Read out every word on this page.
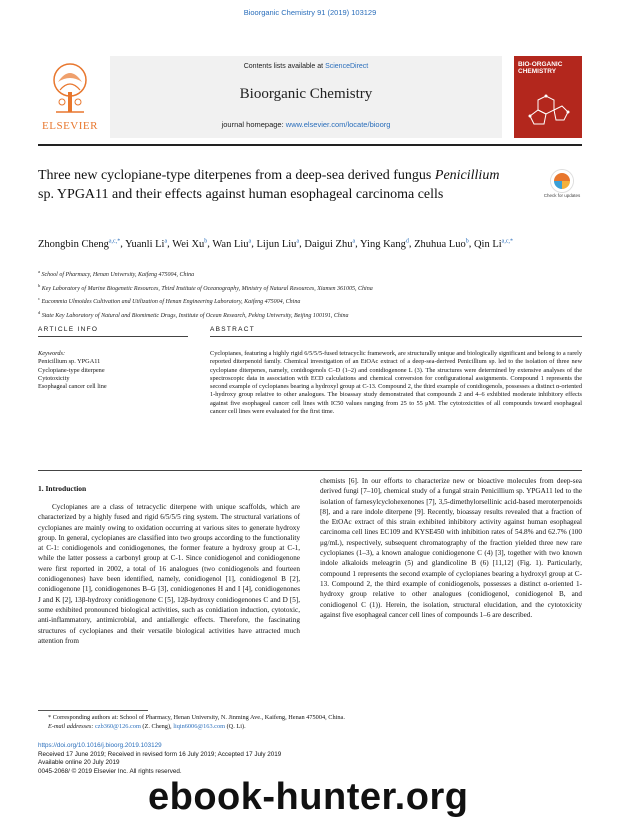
Bioorganic Chemistry 91 (2019) 103129
ELSEVIER
Contents lists available at ScienceDirect
Bioorganic Chemistry
journal homepage: www.elsevier.com/locate/bioorg
BIO-ORGANIC CHEMISTRY
Three new cyclopiane-type diterpenes from a deep-sea derived fungus Penicillium sp. YPGA11 and their effects against human esophageal carcinoma cells	Check for updates
Zhongbin Cheng$^{a,c,*}$, Yuanli Li$^a$, Wei Xu$^b$, Wan Liu$^a$, Lijun Liu$^a$, Daigui Zhu$^a$, Ying Kang$^d$, Zhuhua Luo$^b$, Qin $Li^{a,c,*}$
$^a$ School of Pharmacy, Henan University, Kaifeng 475004, China
$^b$ Key Laboratory of Marine Biogenetic Resources, Third Institute of Oceanography, Ministry of Natural Resources, Xiamen 361005, China
$^c$ Eucommia Ulmoides Cultivation and Utilization of Henan Engineering Laboratory, Kaifeng 475004, China
$^d$ State Key Laboratory of Natural and Biomimetic Drugs, Institute of Ocean Research, Peking University, Beijing 100191, China
ARTICLE INFO	ABSTRACT
Keywords:
Penicillium sp. YPGA11
Cyclopiane-type diterpene
Cytotoxicity
Esophageal cancer cell line
Cyclopianes, featuring a highly rigid 6/5/5/5-fused tetracyclic framework, are structurally unique and biologically significant and belong to a rarely reported diterpenoid family. Chemical investigation of an EtOAc extract of a deep-sea-derived Penicillium sp. led to the isolation of three new cyclopiane diterpenes, namely, conidiogenols C–D (1–2) and conidiogenone L (3). The structures were determined by extensive analyses of the spectroscopic data in association with ECD calculations and chemical conversion for configurational assignments. Compound 1 represents the second example of cyclopianes bearing a hydroxyl group at C-13. Compound 2, the third example of conidiogenols, possesses a distinct α-oriented 1-hydroxy group relative to other analogues. The bioassay study demonstrated that compounds 2 and 4–6 exhibited moderate inhibitory effects against five esophageal cancer cell lines with IC50 values ranging from 25 to 55 μM. The cytotoxicities of all compounds toward esophageal cancer cell lines were evaluated for the first time.
1. Introduction
Cyclopianes are a class of tetracyclic diterpene with unique scaffolds, which are characterized by a highly fused and rigid 6/5/5/5 ring system. The structural variations of cyclopianes are mainly owing to oxidation occurring at various sites to generate hydroxy group. In general, cyclopianes are classified into two groups according to the functionality at C-1: conidiogenols and conidiogenones, the former feature a hydroxy group at C-1, while the latter possess a carbonyl group at C-1. Since conidiogenol and conidiogenone were first reported in 2002, a total of 16 analogues (two conidiogenols and fourteen conidiogenones) have been identified, namely, conidiogenol [1], conidiogenol B [2], conidiogenone [1], conidiogenones B–G [3], conidiogenones H and I [4], conidiogenones J and K [2], 13β-hydroxy conidiogenone C [5], 12β-hydroxy conidiogenones C and D [5], some exhibited pronounced biological activities, such as conidiation induction, cytotoxic, anti-inflammatory, antimicrobial, and antiallergic effects. Therefore, the fascinating structures of cyclopianes and their versatile biological activities have attracted much attention from
chemists [6]. In our efforts to characterize new or bioactive molecules from deep-sea derived fungi [7–10], chemical study of a fungal strain Penicillium sp. YPGA11 led to the isolation of farnesylcyclohexenones [7], 3,5-dimethylorsellinic acid-based meroterpenoids [8], and a rare indole diterpene [9]. Recently, bioassay results revealed that a fraction of the EtOAc extract of this strain exhibited inhibitory activity against human esophageal carcinoma cell lines EC109 and KYSE450 with inhibition rates of 54.8% and 62.7% (100 μg/mL), respectively, subsequent chromatography of the fraction yielded three new rare cyclopianes (1–3), a known analogue conidiogenone C (4) [3], together with two known indole alkaloids meleagrin (5) and glandicoline B (6) [11,12] (Fig. 1). Particularly, compound 1 represents the second example of cyclopianes bearing a hydroxyl group at C-13. Compound 2, the third example of conidiogenols, possesses a distinct α-oriented 1-hydroxy group relative to other analogues (conidiogenol, conidiogenol B, and conidiogenol C (1)). Herein, the isolation, structural elucidation, and the cytotoxicity against five esophageal cancer cell lines of compounds 1–6 are described.
* Corresponding authors at: School of Pharmacy, Henan University, N. Jinming Ave., Kaifeng, Henan 475004, China.
E-mail addresses: czb360@126.com (Z. Cheng), liqin6006@163.com (Q. Li).
https://doi.org/10.1016/j.bioorg.2019.103129
Received 17 June 2019; Received in revised form 16 July 2019; Accepted 17 July 2019
Available online 20 July 2019
0045-2068/ © 2019 Elsevier Inc. All rights reserved.
ebook-hunter.org
